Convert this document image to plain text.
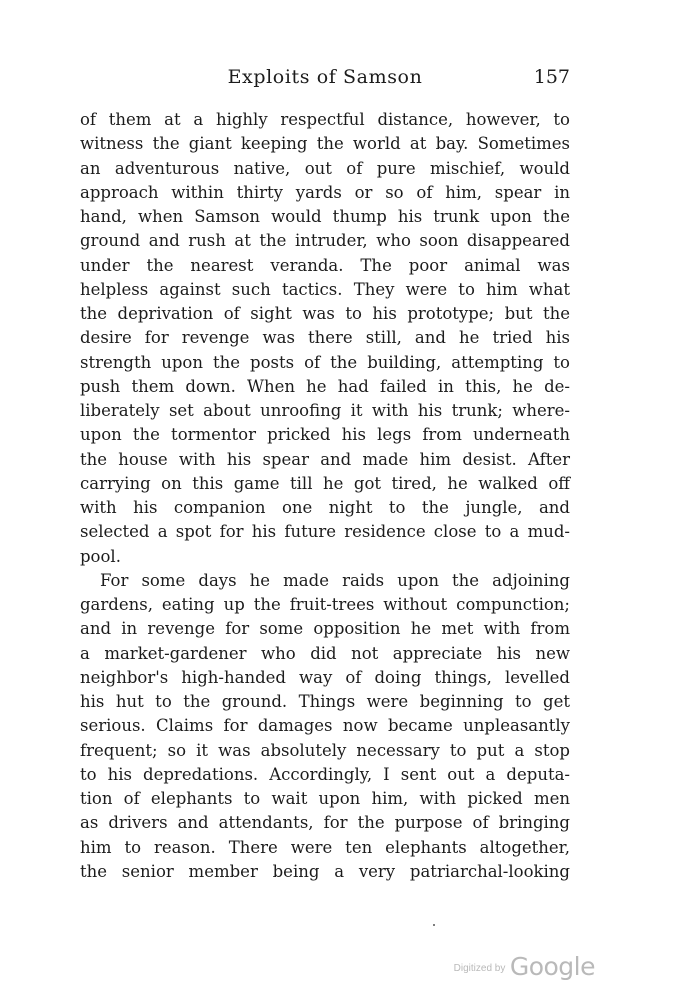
Exploits of Samson	157
of them at a highly respectful distance, however, to
witness the giant keeping the world at bay. Sometimes
an adventurous native, out of pure mischief, would
approach within thirty yards or so of him, spear in
hand, when Samson would thump his trunk upon the
ground and rush at the intruder, who soon disappeared
under the nearest veranda. The poor animal was
helpless against such tactics. They were to him what
the deprivation of sight was to his prototype; but the
desire for revenge was there still, and he tried his
strength upon the posts of the building, attempting to
push them down. When he had failed in this, he de-
liberately set about unroofing it with his trunk; where-
upon the tormentor pricked his legs from underneath
the house with his spear and made him desist. After
carrying on this game till he got tired, he walked off
with his companion one night to the jungle, and
selected a spot for his future residence close to a mud-
pool.
For some days he made raids upon the adjoining
gardens, eating up the fruit-trees without compunction;
and in revenge for some opposition he met with from
a market-gardener who did not appreciate his new
neighbor's high-handed way of doing things, levelled
his hut to the ground. Things were beginning to get
serious. Claims for damages now became unpleasantly
frequent; so it was absolutely necessary to put a stop
to his depredations. Accordingly, I sent out a deputa-
tion of elephants to wait upon him, with picked men
as drivers and attendants, for the purpose of bringing
him to reason. There were ten elephants altogether,
the senior member being a very patriarchal-looking
$^{Digitized by}$ Google
